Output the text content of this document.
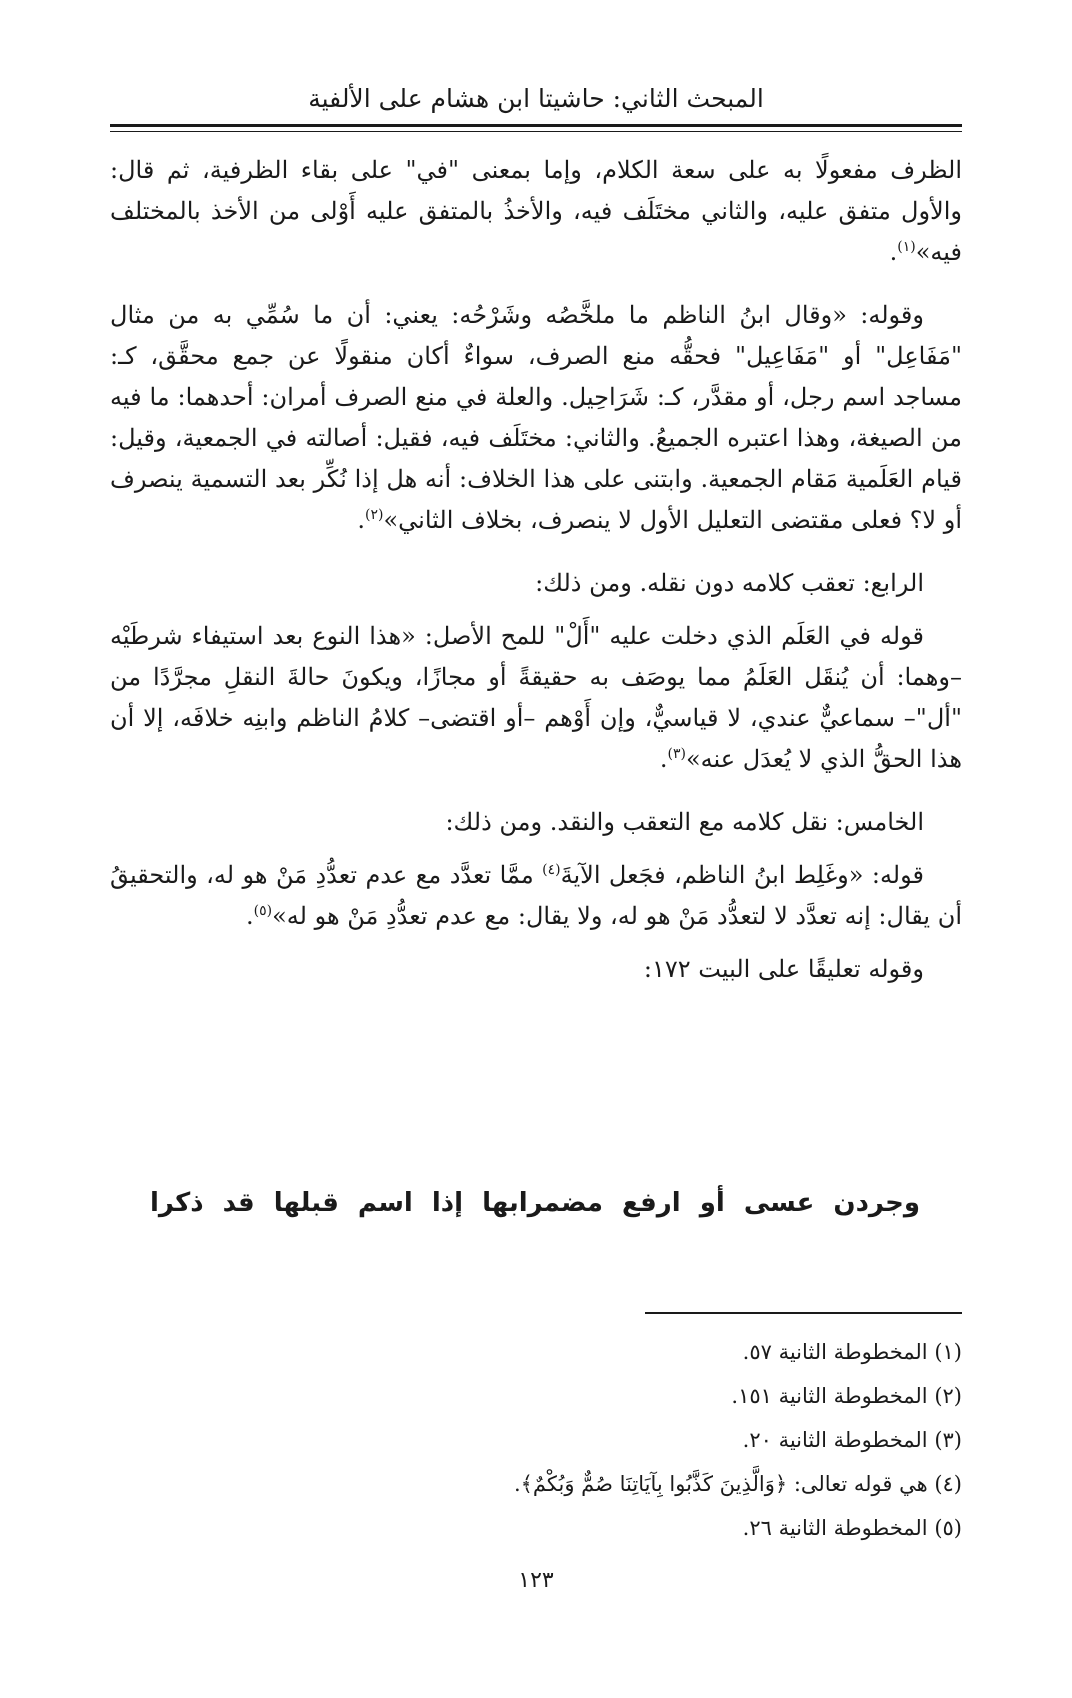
المبحث الثاني: حاشيتا ابن هشام على الألفية

الظرف مفعولًا به على سعة الكلام، وإما بمعنى "في" على بقاء الظرفية، ثم قال: والأول متفق عليه، والثاني مختَلَف فيه، والأخذُ بالمتفق عليه أَوْلى من الأخذ بالمختلف فيه»$^{(١)}$.

وقوله: «وقال ابنُ الناظم ما ملخَّصُه وشَرْحُه: يعني: أن ما سُمِّي به من مثال "مَفَاعِل" أو "مَفَاعِيل" فحقُّه منع الصرف، سواءٌ أكان منقولًا عن جمع محقَّق، كـ: مساجد اسم رجل، أو مقدَّر، كـ: شَرَاحِيل. والعلة في منع الصرف أمران: أحدهما: ما فيه من الصيغة، وهذا اعتبره الجميعُ. والثاني: مختَلَف فيه، فقيل: أصالته في الجمعية، وقيل: قيام العَلَمية مَقام الجمعية. وابتنى على هذا الخلاف: أنه هل إذا نُكِّر بعد التسمية ينصرف أو لا؟ فعلى مقتضى التعليل الأول لا ينصرف، بخلاف الثاني»$^{(٢)}$.

الرابع: تعقب كلامه دون نقله. ومن ذلك:

قوله في العَلَم الذي دخلت عليه "أَلْ" للمح الأصل: «هذا النوع بعد استيفاء شرطَيْه –وهما: أن يُنقَل العَلَمُ مما يوصَف به حقيقةً أو مجازًا، ويكونَ حالةَ النقلِ مجرَّدًا من "أل"– سماعيٌّ عندي، لا قياسيٌّ، وإن أَوْهم –أو اقتضى– كلامُ الناظم وابنِه خلافَه، إلا أن هذا الحقُّ الذي لا يُعدَل عنه»$^{(٣)}$.

الخامس: نقل كلامه مع التعقب والنقد. ومن ذلك:

قوله: «وغَلِط ابنُ الناظم، فجَعل الآيةَ$^{(٤)}$ ممَّا تعدَّد مع عدم تعدُّدِ مَنْ هو له، والتحقيقُ أن يقال: إنه تعدَّد لا لتعدُّد مَنْ هو له، ولا يقال: مع عدم تعدُّدِ مَنْ هو له»$^{(٥)}$.

وقوله تعليقًا على البيت ١٧٢:

وجردن عسى أو ارفع مضمرا
بها إذا اسم قبلها قد ذكرا
(١) المخطوطة الثانية ٥٧.
(٢) المخطوطة الثانية ١٥١.
(٣) المخطوطة الثانية ٢٠.
(٤) هي قوله تعالى: ﴿وَالَّذِينَ كَذَّبُوا بِآيَاتِنَا صُمٌّ وَبُكْمٌ﴾.
(٥) المخطوطة الثانية ٢٦.
١٢٣
